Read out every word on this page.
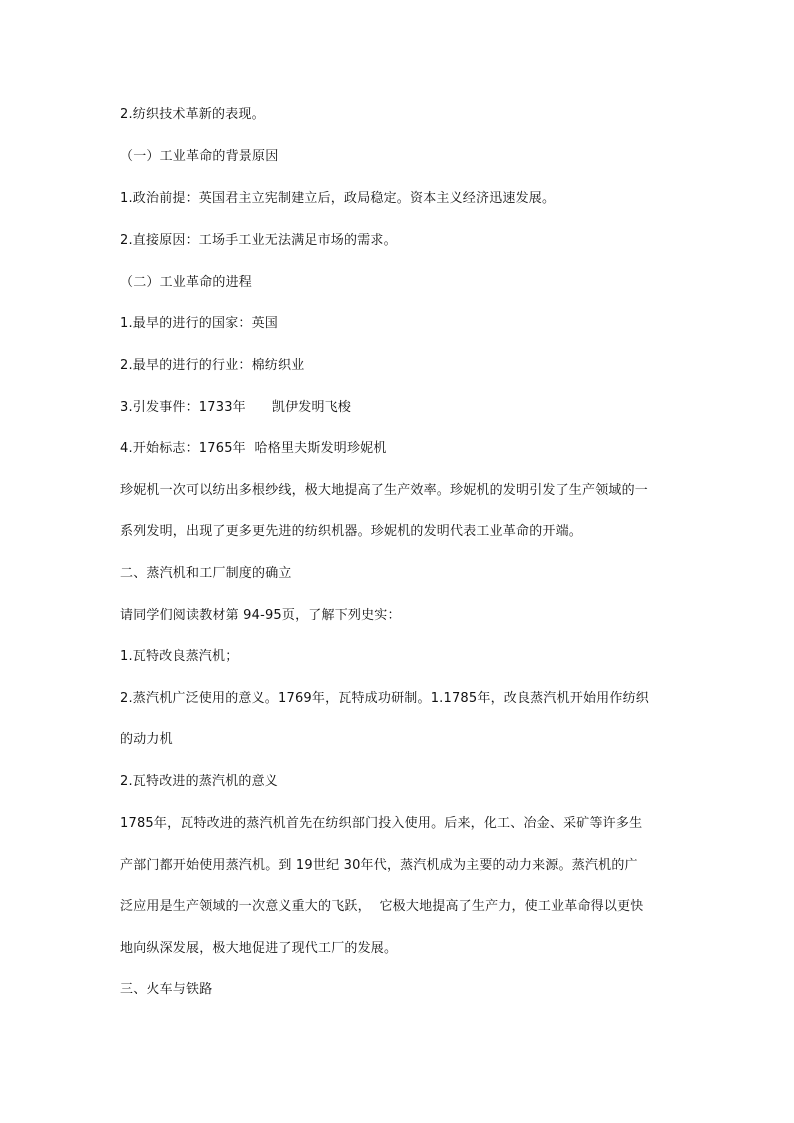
2.纺织技术革新的表现。
（一）工业革命的背景原因
1.政治前提：英国君主立宪制建立后，政局稳定。资本主义经济迅速发展。
2.直接原因：工场手工业无法满足市场的需求。
（二）工业革命的进程
1.最早的进行的国家：英国
2.最早的进行的行业：棉纺织业
3.引发事件：1733年      凯伊发明飞梭
4.开始标志：1765年  哈格里夫斯发明珍妮机
珍妮机一次可以纺出多根纱线，极大地提高了生产效率。珍妮机的发明引发了生产领域的一
系列发明，出现了更多更先进的纺织机器。珍妮机的发明代表工业革命的开端。
二、蒸汽机和工厂制度的确立
请同学们阅读教材第 94-95页，了解下列史实：
1.瓦特改良蒸汽机；
2.蒸汽机广泛使用的意义。1769年，瓦特成功研制。1.1785年，改良蒸汽机开始用作纺织
的动力机
2.瓦特改进的蒸汽机的意义
1785年，瓦特改进的蒸汽机首先在纺织部门投入使用。后来，化工、冶金、采矿等许多生
产部门都开始使用蒸汽机。到 19世纪 30年代，蒸汽机成为主要的动力来源。蒸汽机的广
泛应用是生产领域的一次意义重大的飞跃，  它极大地提高了生产力，使工业革命得以更快
地向纵深发展，极大地促进了现代工厂的发展。
三、火车与铁路
